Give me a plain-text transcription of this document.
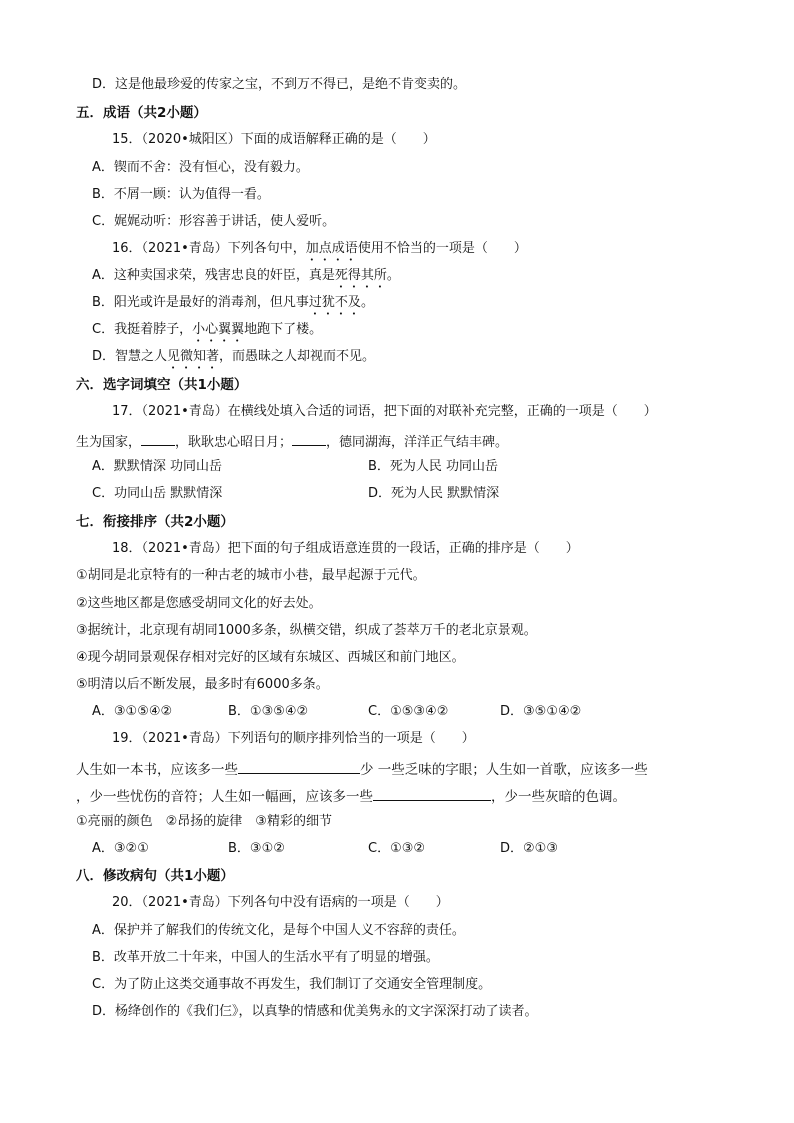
D．这是他最珍爱的传家之宝，不到万不得已，是绝不肯变卖的。
五．成语（共2小题）
15．（2020•城阳区）下面的成语解释正确的是（　　）
A．锲而不舍：没有恒心，没有毅力。
B．不屑一顾：认为值得一看。
C．娓娓动听：形容善于讲话，使人爱听。
16．（2021•青岛）下列各句中，加点成语使用不恰当的一项是（　　）
A．这种卖国求荣，残害忠良的奸臣，真是死得其所。
B．阳光或许是最好的消毒剂，但凡事过犹不及。
C．我挺着脖子，小心翼翼地跑下了楼。
D．智慧之人见微知著，而愚昧之人却视而不见。
六．选字词填空（共1小题）
17．（2021•青岛）在横线处填入合适的词语，把下面的对联补充完整，正确的一项是（　　）
生为国家，	，耿耿忠心昭日月；	，德同湖海，洋洋正气结丰碑。
A．默默情深 功同山岳	B．死为人民 功同山岳
C．功同山岳 默默情深	D．死为人民 默默情深
七．衔接排序（共2小题）
18．（2021•青岛）把下面的句子组成语意连贯的一段话，正确的排序是（　　）
①胡同是北京特有的一种古老的城市小巷，最早起源于元代。
②这些地区都是您感受胡同文化的好去处。
③据统计，北京现有胡同1000多条，纵横交错，织成了荟萃万千的老北京景观。
④现今胡同景观保存相对完好的区域有东城区、西城区和前门地区。
⑤明清以后不断发展，最多时有6000多条。
A．③①⑤④②	B．①③⑤④②	C．①⑤③④②	D．③⑤①④②
19．（2021•青岛）下列语句的顺序排列恰当的一项是（　　）
人生如一本书，应该多一些	少 一些乏味的字眼；人生如一首歌，应该多一些
，少一些忧伤的音符；人生如一幅画，应该多一些	，少一些灰暗的色调。
①亮丽的颜色　②昂扬的旋律　③精彩的细节
A．③②①	B．③①②	C．①③②	D．②①③
八．修改病句（共1小题）
20．（2021•青岛）下列各句中没有语病的一项是（　　）
A．保护并了解我们的传统文化，是每个中国人义不容辞的责任。
B．改革开放二十年来，中国人的生活水平有了明显的增强。
C．为了防止这类交通事故不再发生，我们制订了交通安全管理制度。
D．杨绛创作的《我们仨》，以真挚的情感和优美隽永的文字深深打动了读者。
